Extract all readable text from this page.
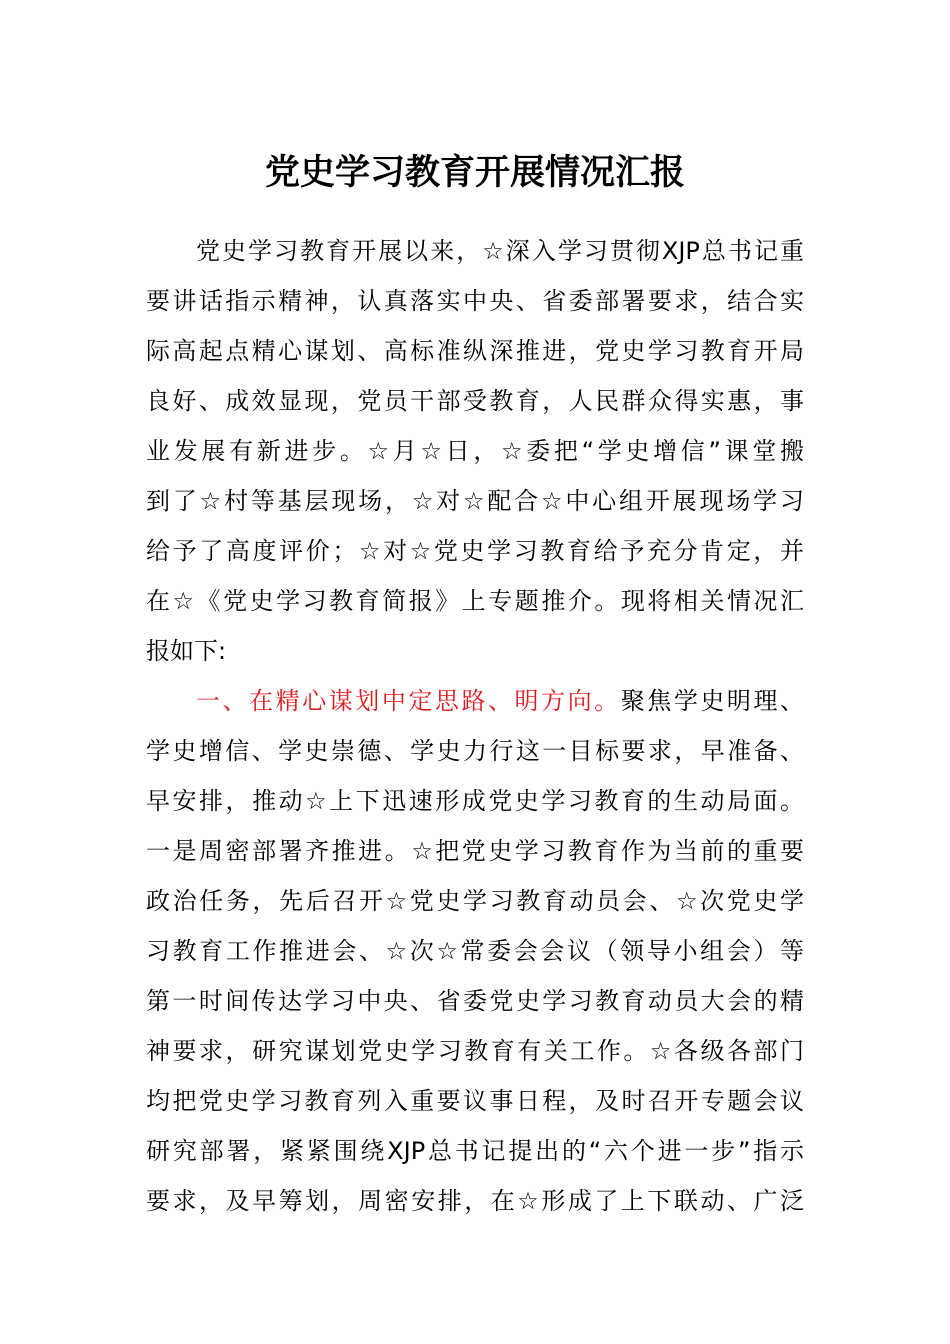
党史学习教育开展情况汇报
党史学习教育开展以来，☆深入学习贯彻XJP总书记重
要讲话指示精神，认真落实中央、省委部署要求，结合实
际高起点精心谋划、高标准纵深推进，党史学习教育开局
良好、成效显现，党员干部受教育，人民群众得实惠，事
业发展有新进步。☆月☆日，☆委把“学史增信”课堂搬
到了☆村等基层现场，☆对☆配合☆中心组开展现场学习
给予了高度评价；☆对☆党史学习教育给予充分肯定，并
在☆《党史学习教育简报》上专题推介。现将相关情况汇
报如下:
一、在精心谋划中定思路、明方向。聚焦学史明理、
学史增信、学史崇德、学史力行这一目标要求，早准备、
早安排，推动☆上下迅速形成党史学习教育的生动局面。
一是周密部署齐推进。☆把党史学习教育作为当前的重要
政治任务，先后召开☆党史学习教育动员会、☆次党史学
习教育工作推进会、☆次☆常委会会议（领导小组会）等
第一时间传达学习中央、省委党史学习教育动员大会的精
神要求，研究谋划党史学习教育有关工作。☆各级各部门
均把党史学习教育列入重要议事日程，及时召开专题会议
研究部署，紧紧围绕XJP总书记提出的“六个进一步”指示
要求，及早筹划，周密安排，在☆形成了上下联动、广泛
